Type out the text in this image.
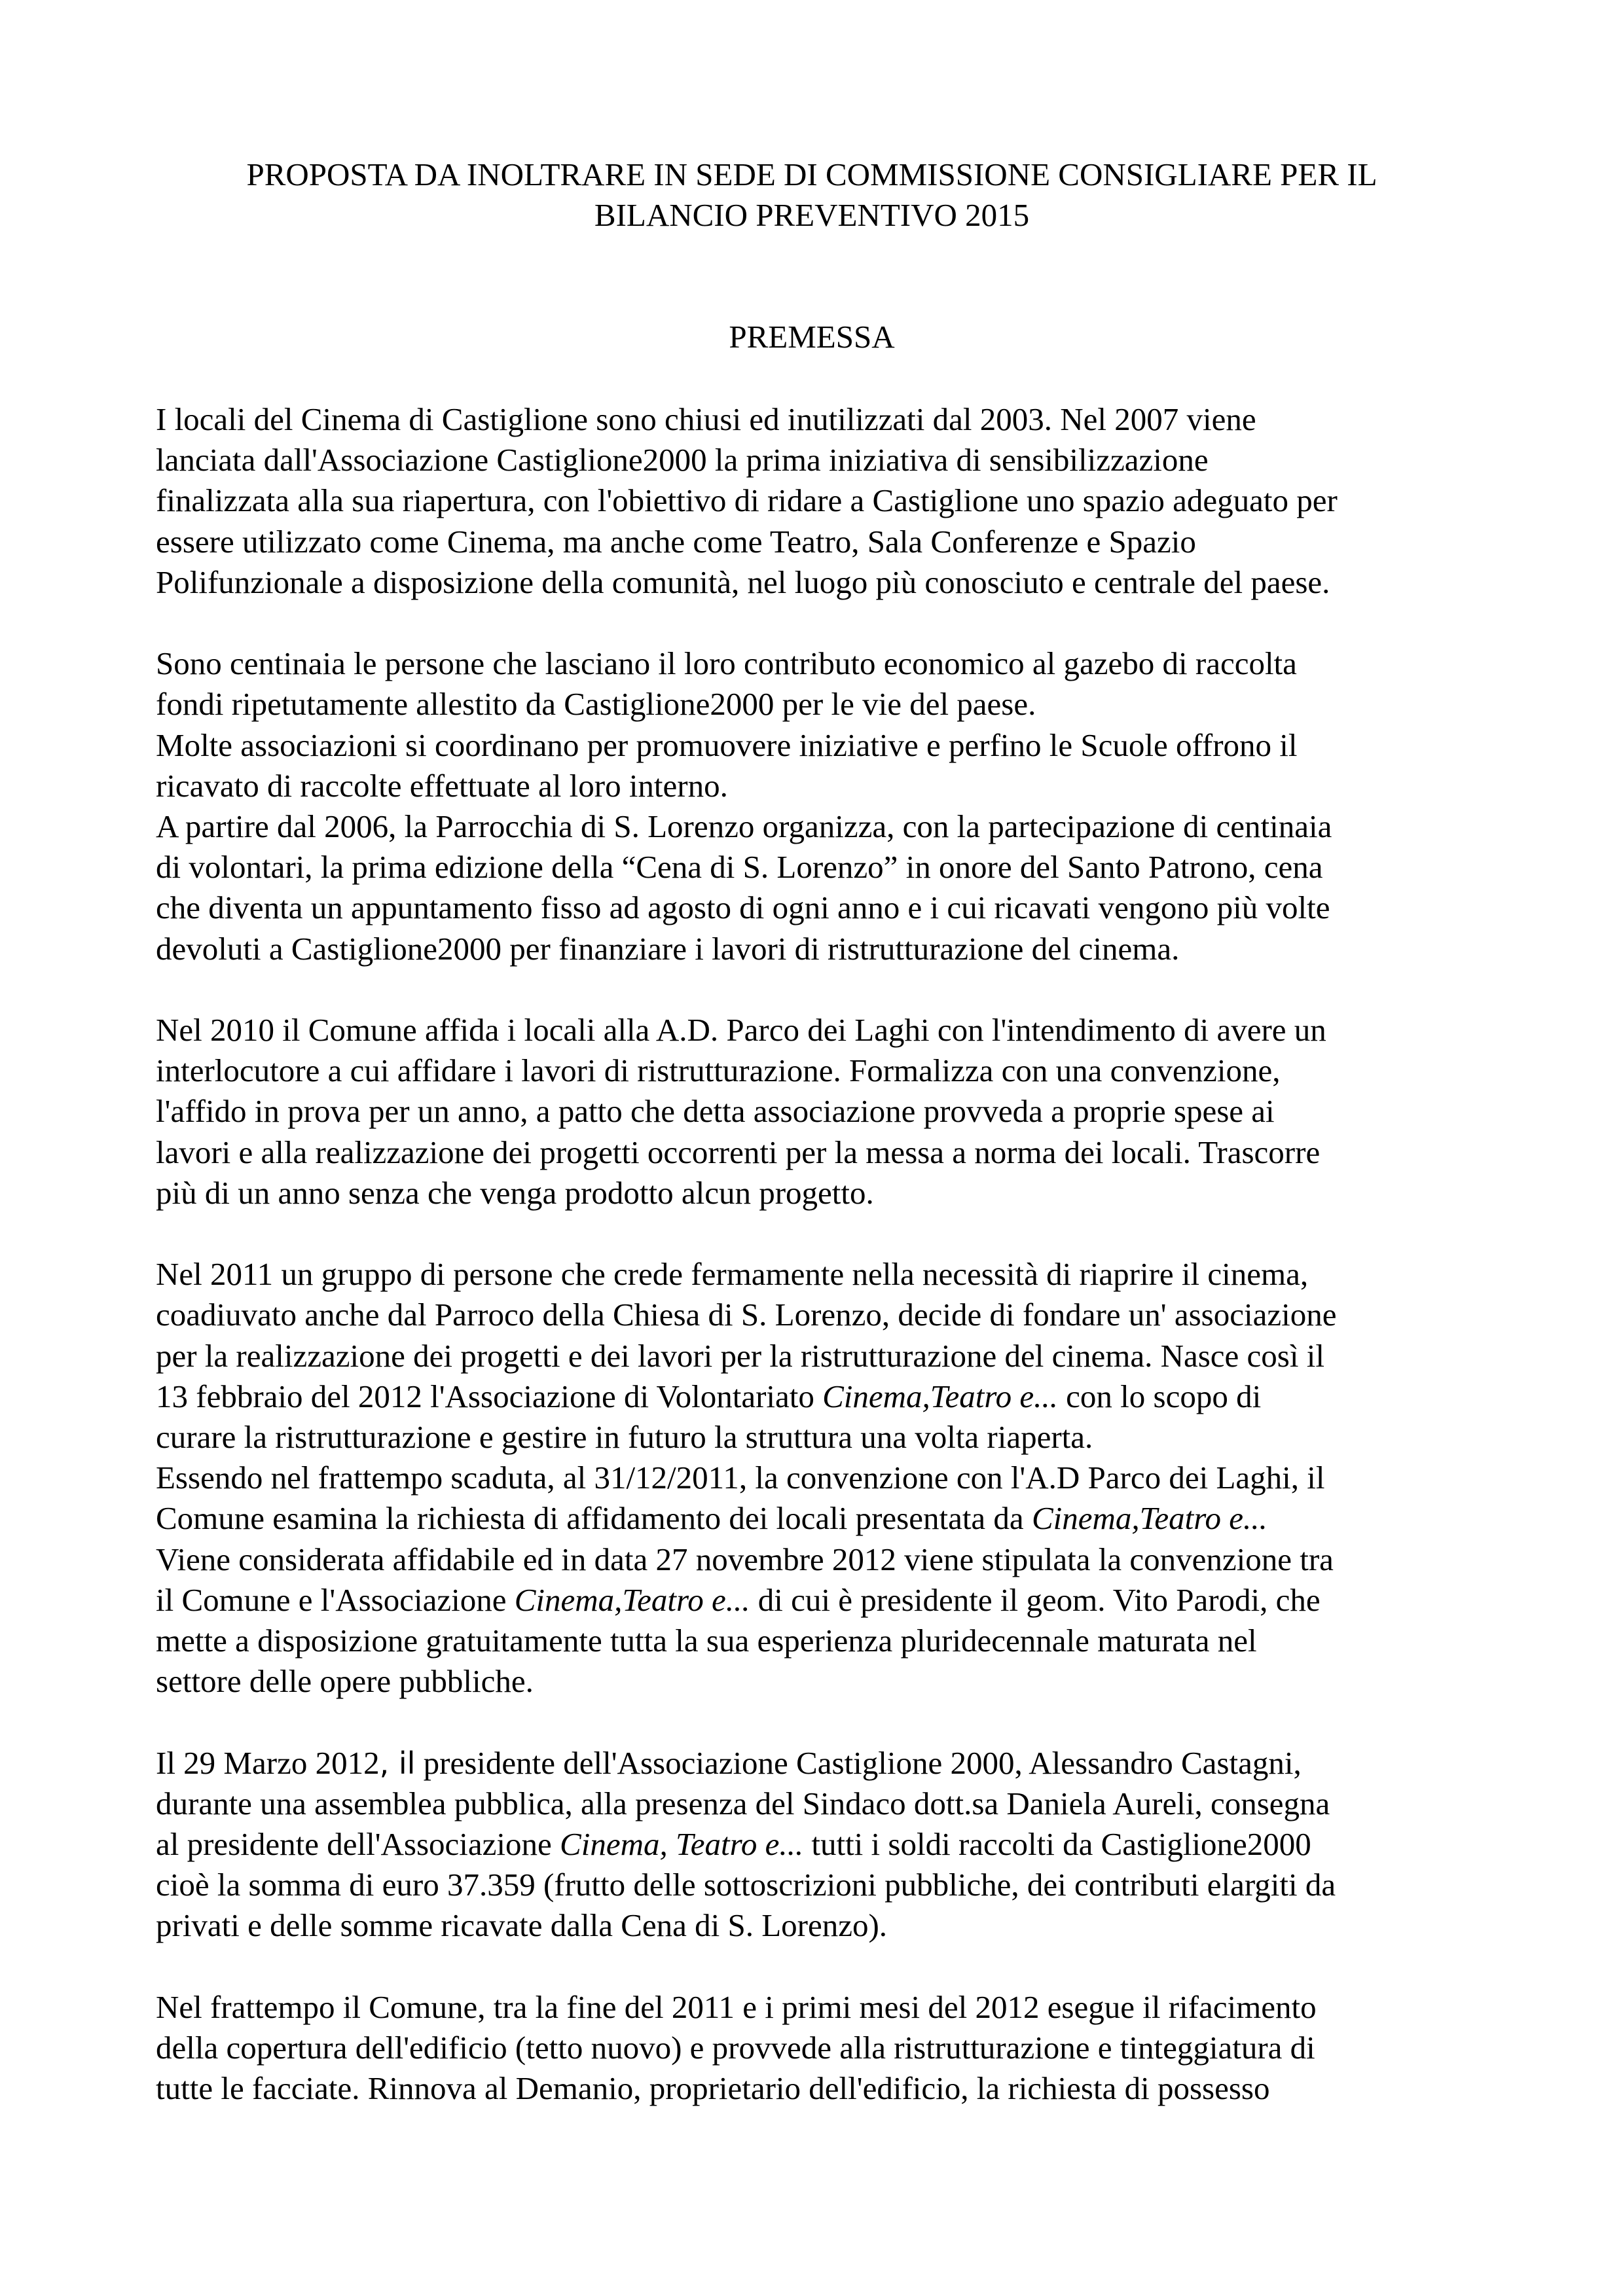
PROPOSTA DA INOLTRARE IN SEDE DI COMMISSIONE CONSIGLIARE PER IL
BILANCIO PREVENTIVO 2015
PREMESSA
I locali del Cinema di Castiglione sono chiusi ed inutilizzati dal 2003. Nel 2007 viene
lanciata dall'Associazione Castiglione2000 la prima iniziativa di sensibilizzazione
finalizzata alla sua riapertura, con l'obiettivo di ridare a Castiglione uno spazio adeguato per
essere utilizzato come Cinema, ma anche come Teatro, Sala Conferenze e Spazio
Polifunzionale a disposizione della comunità, nel luogo più conosciuto e centrale del paese.
Sono centinaia le persone che lasciano il loro contributo economico al gazebo di raccolta
fondi ripetutamente allestito da Castiglione2000 per le vie del paese.
Molte associazioni si coordinano per promuovere iniziative e perfino le Scuole offrono il
ricavato di raccolte effettuate al loro interno.
A partire dal 2006, la Parrocchia di S. Lorenzo organizza, con la partecipazione di centinaia
di volontari, la prima edizione della “Cena di S. Lorenzo” in onore del Santo Patrono, cena
che diventa un appuntamento fisso ad agosto di ogni anno e i cui ricavati vengono più volte
devoluti a Castiglione2000 per finanziare i lavori di ristrutturazione del cinema.
Nel 2010 il Comune affida i locali alla A.D. Parco dei Laghi con l'intendimento di avere un
interlocutore a cui affidare i lavori di ristrutturazione. Formalizza con una convenzione,
l'affido in prova per un anno, a patto che detta associazione provveda a proprie spese ai
lavori e alla realizzazione dei progetti occorrenti per la messa a norma dei locali. Trascorre
più di un anno senza che venga prodotto alcun progetto.
Nel 2011 un gruppo di persone che crede fermamente nella necessità di riaprire il cinema,
coadiuvato anche dal Parroco della Chiesa di S. Lorenzo, decide di fondare un' associazione
per la realizzazione dei progetti e dei lavori per la ristrutturazione del cinema. Nasce così il
13 febbraio del 2012 l'Associazione di Volontariato Cinema,Teatro e... con lo scopo di
curare la ristrutturazione e gestire in futuro la struttura una volta riaperta.
Essendo nel frattempo scaduta, al 31/12/2011, la convenzione con l'A.D Parco dei Laghi, il
Comune esamina la richiesta di affidamento dei locali presentata da Cinema,Teatro e...
Viene considerata affidabile ed in data 27 novembre 2012 viene stipulata la convenzione tra
il Comune e l'Associazione Cinema,Teatro e... di cui è presidente il geom. Vito Parodi, che
mette a disposizione gratuitamente tutta la sua esperienza pluridecennale maturata nel
settore delle opere pubbliche.
Il 29 Marzo 2012, il presidente dell'Associazione Castiglione 2000, Alessandro Castagni,
durante una assemblea pubblica, alla presenza del Sindaco dott.sa Daniela Aureli, consegna
al presidente dell'Associazione Cinema, Teatro e... tutti i soldi raccolti da Castiglione2000
cioè la somma di euro 37.359 (frutto delle sottoscrizioni pubbliche, dei contributi elargiti da
privati e delle somme ricavate dalla Cena di S. Lorenzo).
Nel frattempo il Comune, tra la fine del 2011 e i primi mesi del 2012 esegue il rifacimento
della copertura dell'edificio (tetto nuovo) e provvede alla ristrutturazione e tinteggiatura di
tutte le facciate. Rinnova al Demanio, proprietario dell'edificio, la richiesta di possesso
